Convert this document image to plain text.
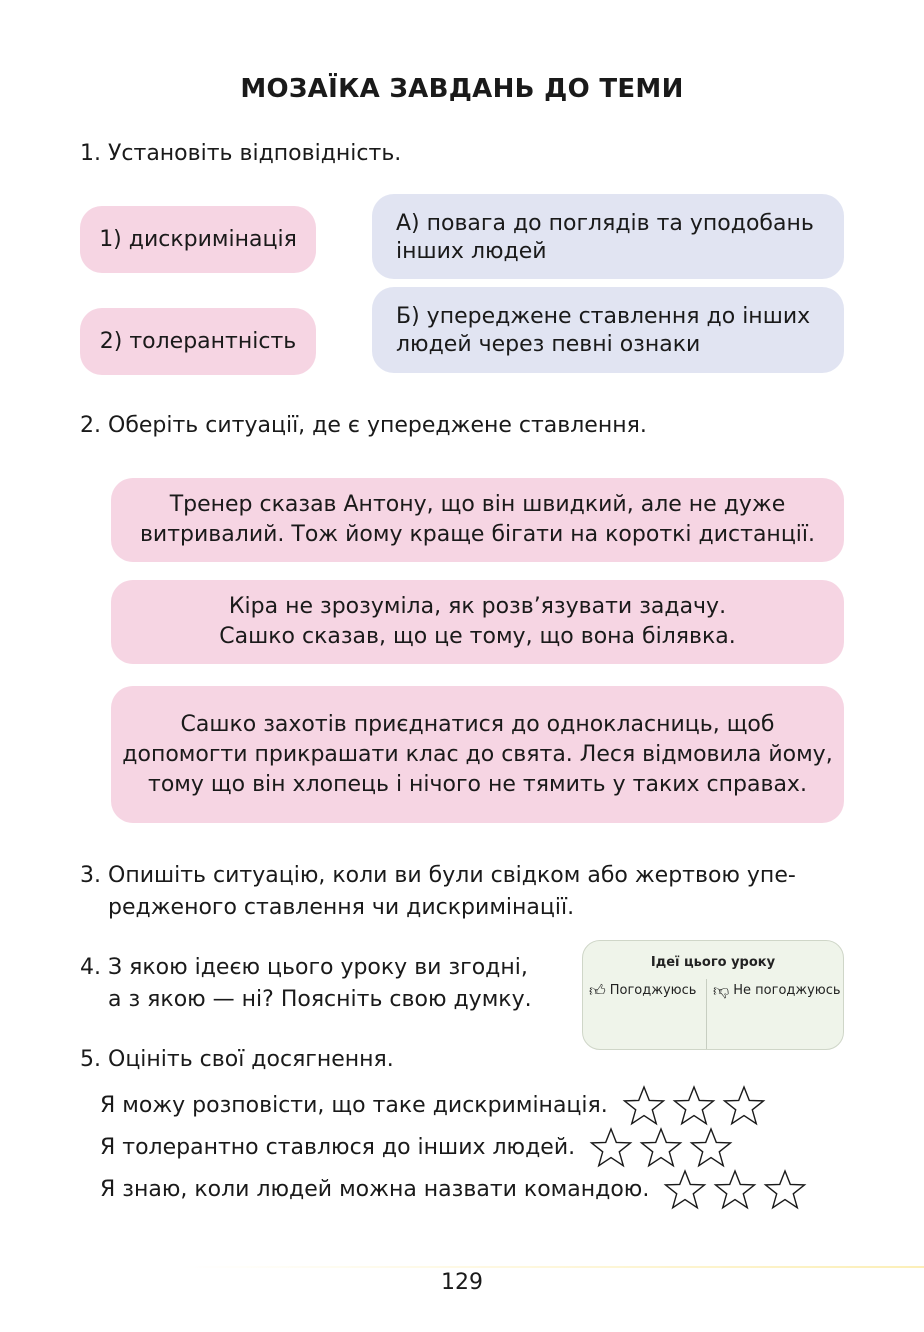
МОЗАЇКА ЗАВДАНЬ ДО ТЕМИ
1. Установіть відповідність.
1) дискримінація
2) толерантність
А) повага до поглядів та уподобань
інших людей
Б) упереджене ставлення до інших
людей через певні ознаки
2. Оберіть ситуації, де є упереджене ставлення.
Тренер сказав Антону, що він швидкий, але не дуже
витривалий. Тож йому краще бігати на короткі дистанції.
Кіра не зрозуміла, як розв’язувати задачу.
Сашко сказав, що це тому, що вона білявка.
Сашко захотів приєднатися до однокласниць, щоб
допомогти прикрашати клас до свята. Леся відмовила йому,
тому що він хлопець і нічого не тямить у таких справах.
3. Опишіть ситуацію, коли ви були свідком або жертвою упе-
редженого ставлення чи дискримінації.
4. З якою ідеєю цього уроку ви згодні,
а з якою — ні? Поясніть свою думку.
Ідеї цього уроку
👍︎ Погоджуюсь 👎︎ Не погоджуюсь
5. Оцініть свої досягнення.
Я можу розповісти, що таке дискримінація.
Я толерантно ставлюся до інших людей.
Я знаю, коли людей можна назвати командою.
129
